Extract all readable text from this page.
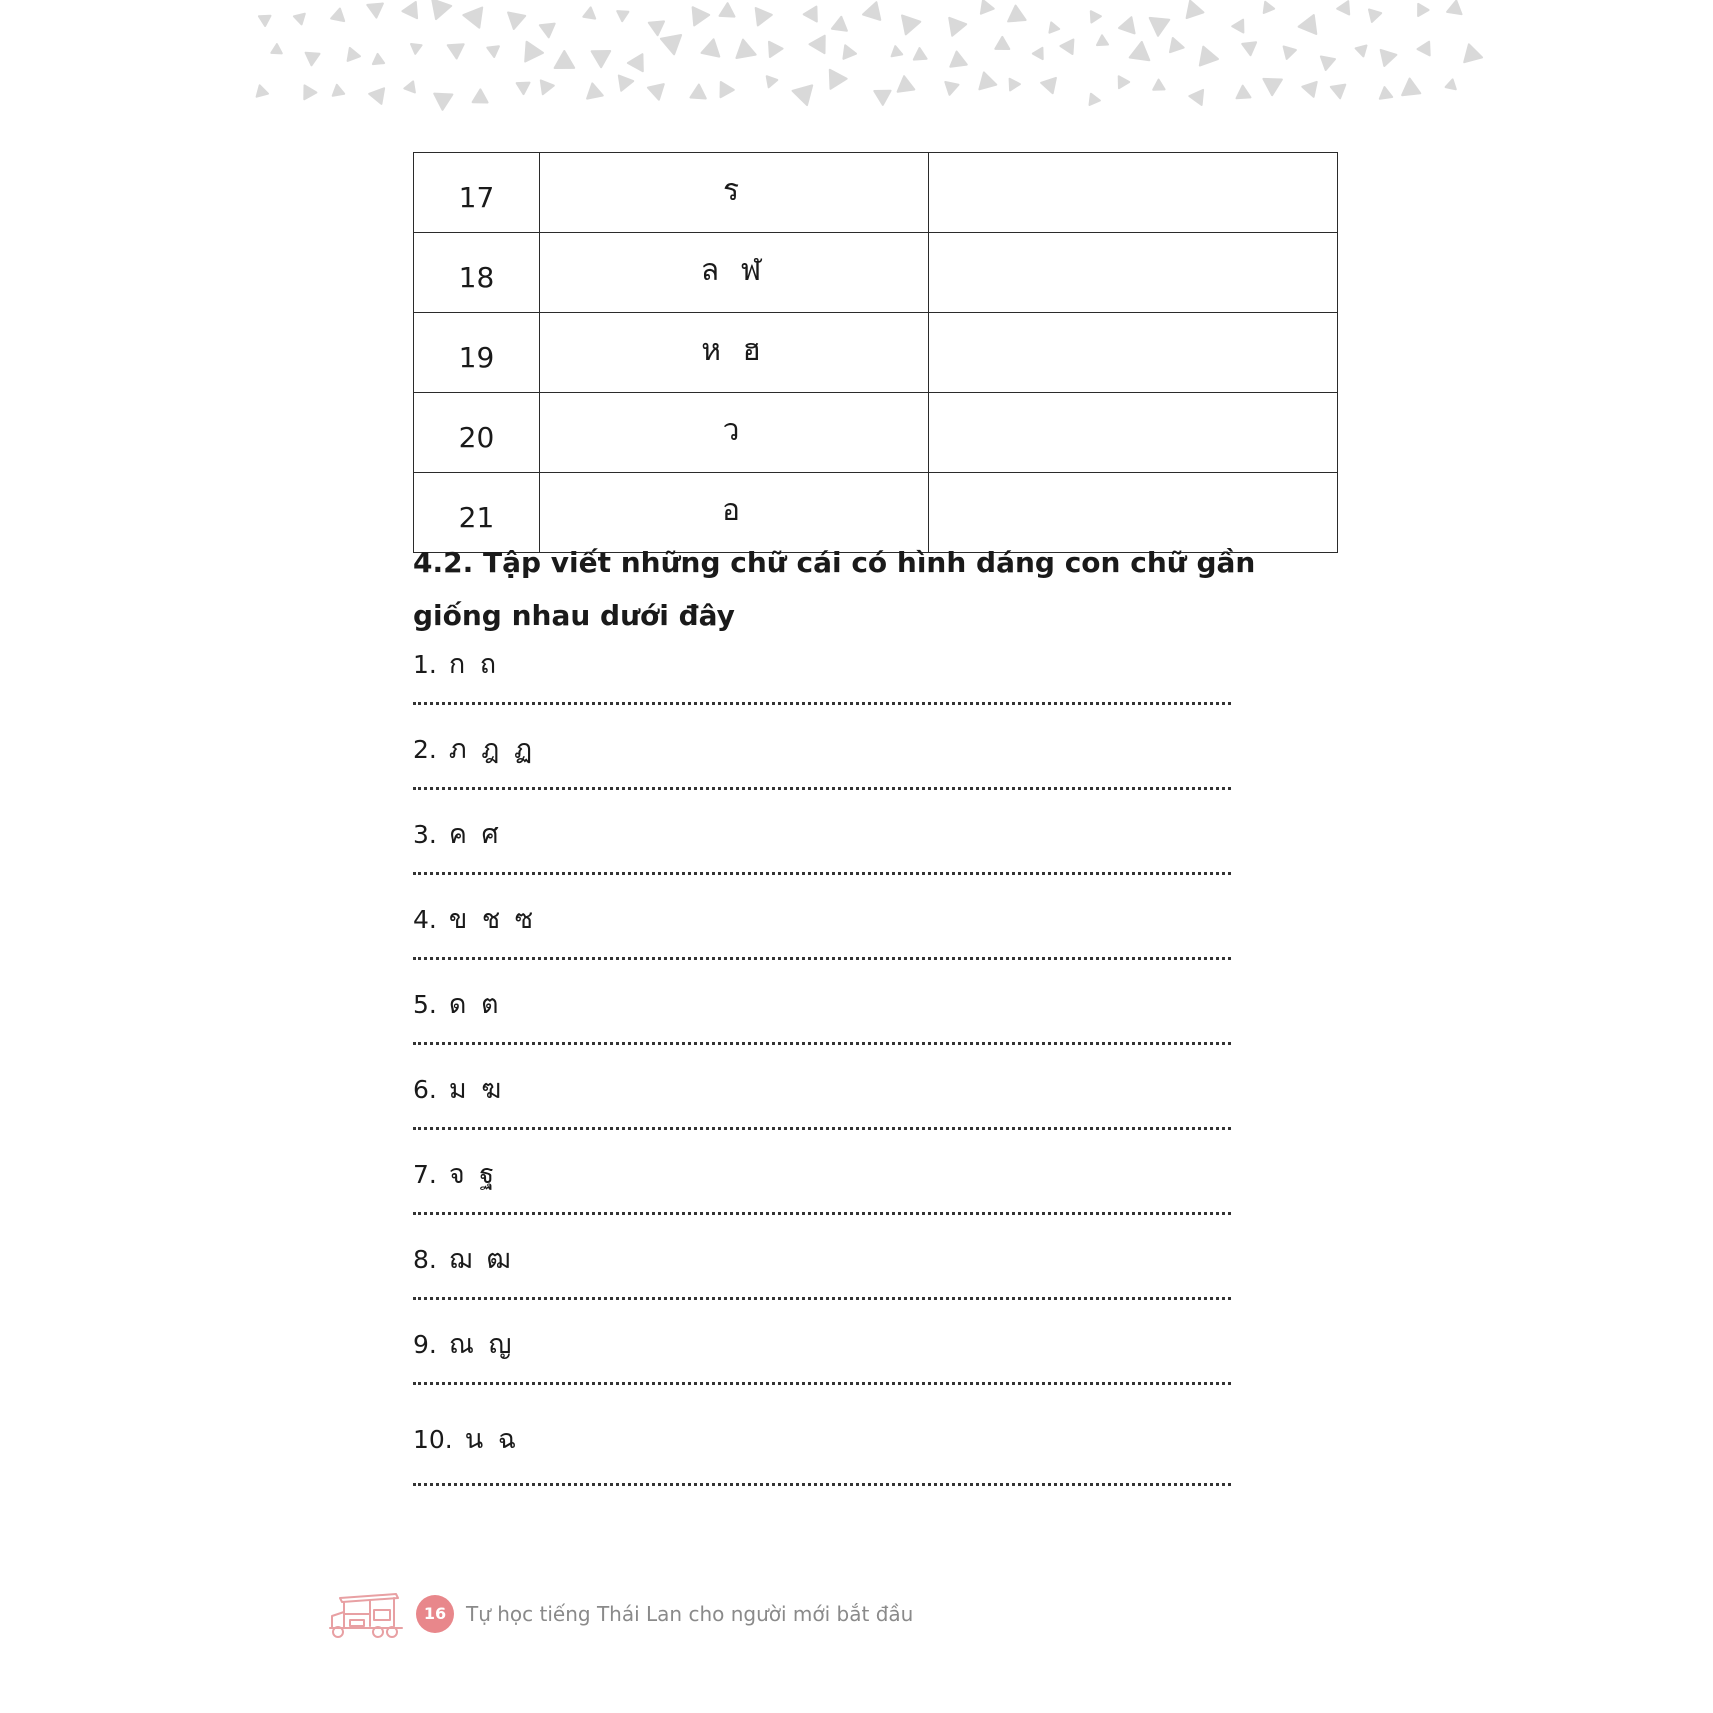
17	ร	
18	ล ฬ	
19	ห ฮ	
20	ว	
21	อ	
4.2. Tập viết những chữ cái có hình dáng con chữ gần giống nhau dưới đây
1. ก ถ
2. ภ ฎ ฏ
3. ค ศ
4. ข ช ซ
5. ด ต
6. ม ฆ
7. จ ฐ
8. ฌ ฒ
9. ณ ญ
10. น ฉ
16 Tự học tiếng Thái Lan cho người mới bắt đầu
